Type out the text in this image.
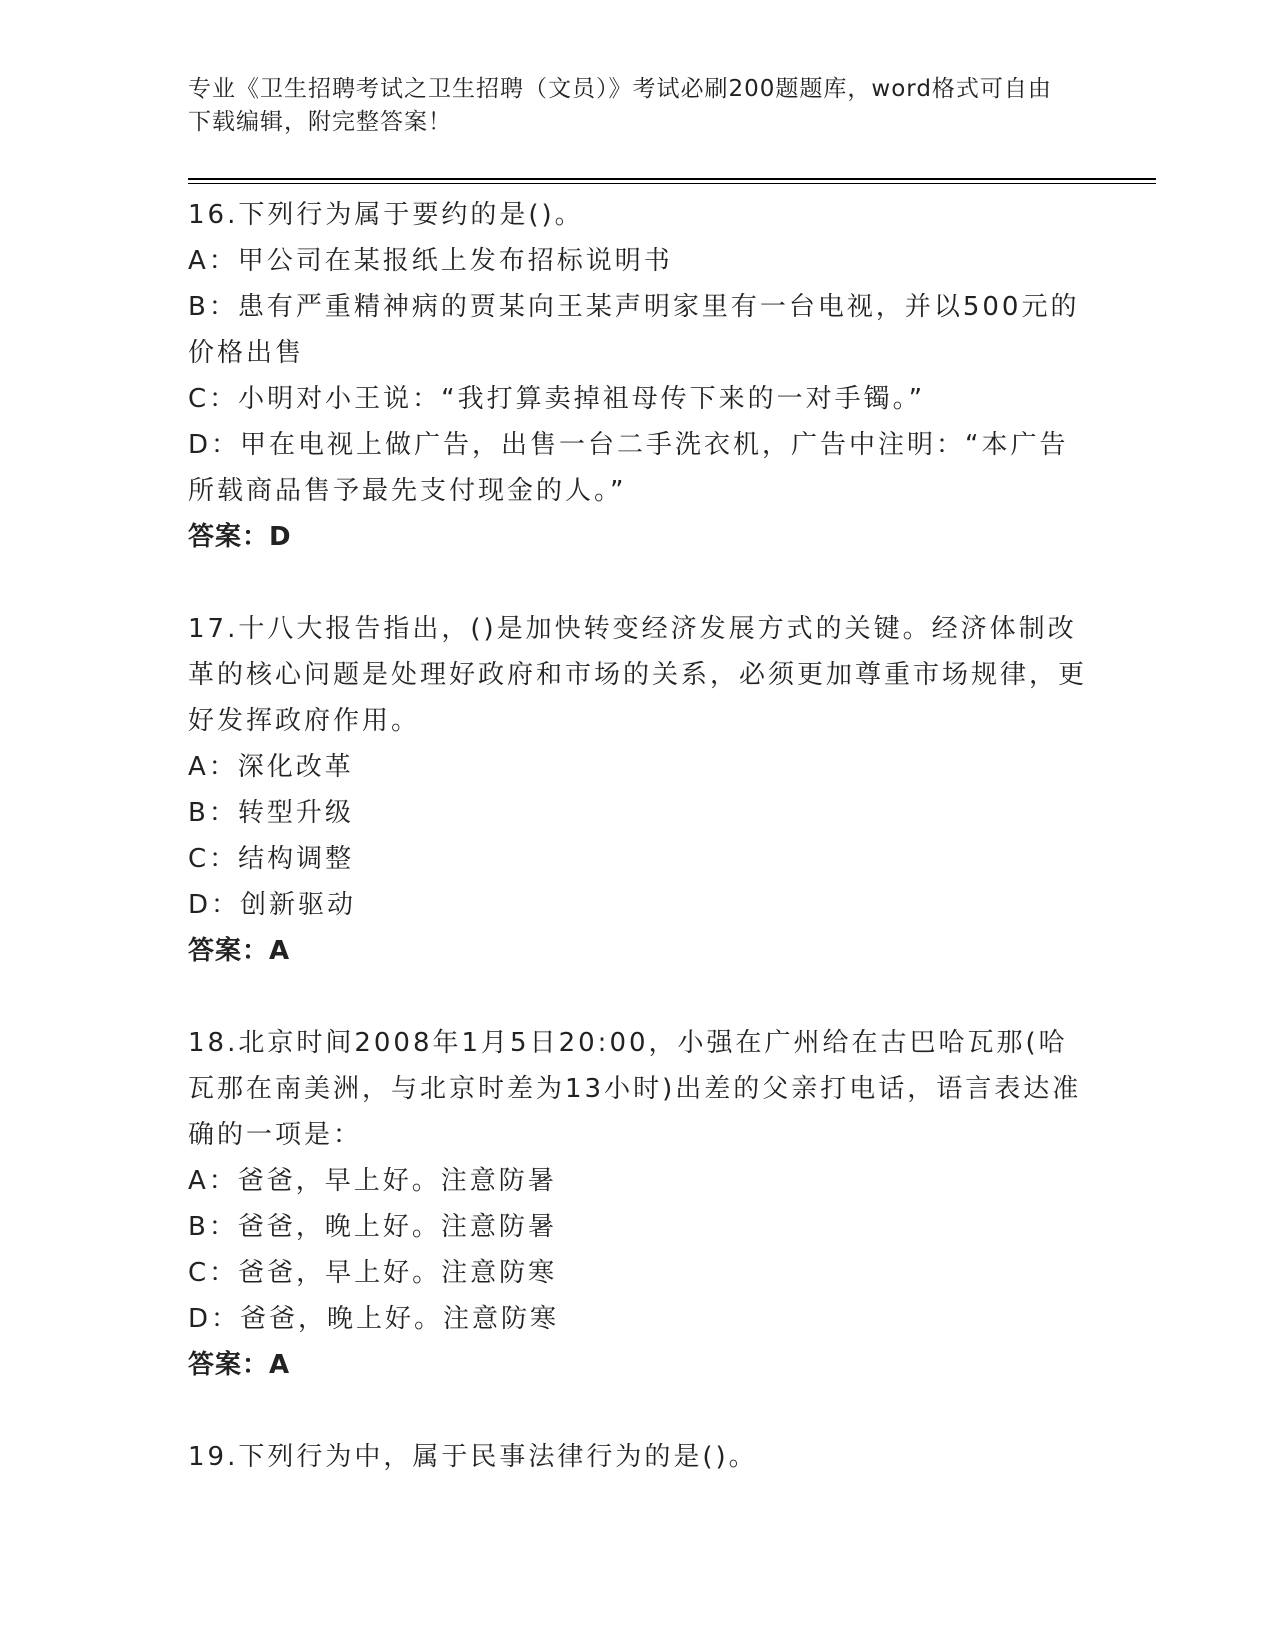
专业《卫生招聘考试之卫生招聘（文员）》考试必刷200题题库，word格式可自由下载编辑，附完整答案！

16.下列行为属于要约的是()。

A：甲公司在某报纸上发布招标说明书

B：患有严重精神病的贾某向王某声明家里有一台电视，并以500元的价格出售

C：小明对小王说：“我打算卖掉祖母传下来的一对手镯。”

D：甲在电视上做广告，出售一台二手洗衣机，广告中注明：“本广告所载商品售予最先支付现金的人。”

答案：D

17.十八大报告指出，()是加快转变经济发展方式的关键。经济体制改革的核心问题是处理好政府和市场的关系，必须更加尊重市场规律，更好发挥政府作用。

A：深化改革

B：转型升级

C：结构调整

D：创新驱动

答案：A

18.北京时间2008年1月5日20:00，小强在广州给在古巴哈瓦那(哈瓦那在南美洲，与北京时差为13小时)出差的父亲打电话，语言表达准确的一项是：

A：爸爸，早上好。注意防暑

B：爸爸，晚上好。注意防暑

C：爸爸，早上好。注意防寒

D：爸爸，晚上好。注意防寒

答案：A

19.下列行为中，属于民事法律行为的是()。
